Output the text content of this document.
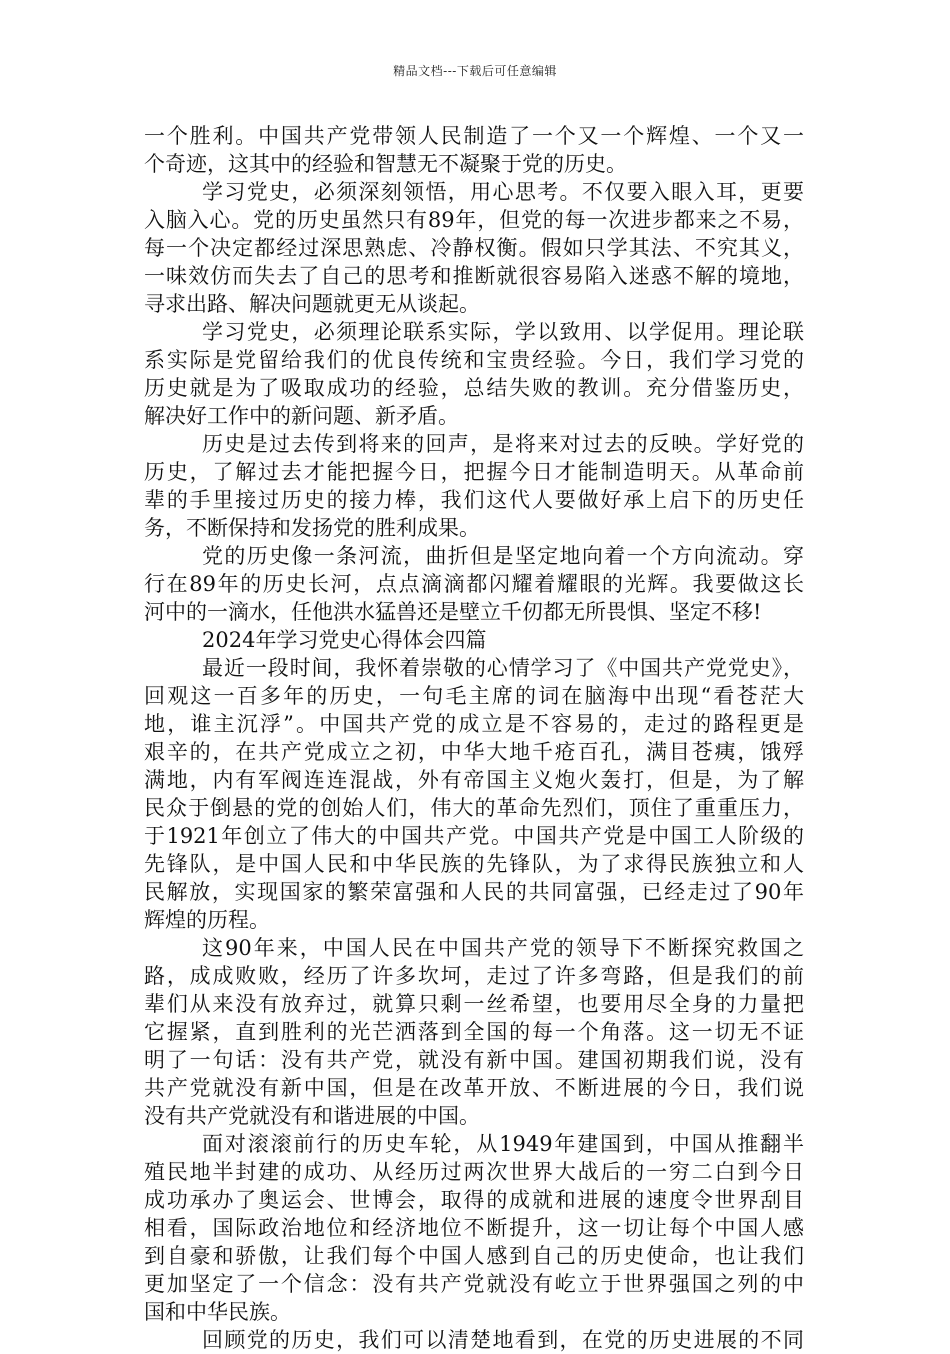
精品文档---下载后可任意编辑
一个胜利。中国共产党带领人民制造了一个又一个辉煌、一个又一
个奇迹，这其中的经验和智慧无不凝聚于党的历史。
学习党史，必须深刻领悟，用心思考。不仅要入眼入耳，更要
入脑入心。党的历史虽然只有89年，但党的每一次进步都来之不易，
每一个决定都经过深思熟虑、冷静权衡。假如只学其法、不究其义，
一味效仿而失去了自己的思考和推断就很容易陷入迷惑不解的境地，
寻求出路、解决问题就更无从谈起。
学习党史，必须理论联系实际，学以致用、以学促用。理论联
系实际是党留给我们的优良传统和宝贵经验。今日，我们学习党的
历史就是为了吸取成功的经验，总结失败的教训。充分借鉴历史，
解决好工作中的新问题、新矛盾。
历史是过去传到将来的回声，是将来对过去的反映。学好党的
历史，了解过去才能把握今日，把握今日才能制造明天。从革命前
辈的手里接过历史的接力棒，我们这代人要做好承上启下的历史任
务，不断保持和发扬党的胜利成果。
党的历史像一条河流，曲折但是坚定地向着一个方向流动。穿
行在89年的历史长河，点点滴滴都闪耀着耀眼的光辉。我要做这长
河中的一滴水，任他洪水猛兽还是壁立千仞都无所畏惧、坚定不移!
2024年学习党史心得体会四篇
最近一段时间，我怀着崇敬的心情学习了《中国共产党党史》，
回观这一百多年的历史，一句毛主席的词在脑海中出现“看苍茫大
地，谁主沉浮”。中国共产党的成立是不容易的，走过的路程更是
艰辛的，在共产党成立之初，中华大地千疮百孔，满目苍痍，饿殍
满地，内有军阀连连混战，外有帝国主义炮火轰打，但是，为了解
民众于倒悬的党的创始人们，伟大的革命先烈们，顶住了重重压力，
于1921年创立了伟大的中国共产党。中国共产党是中国工人阶级的
先锋队，是中国人民和中华民族的先锋队，为了求得民族独立和人
民解放，实现国家的繁荣富强和人民的共同富强，已经走过了90年
辉煌的历程。
这90年来，中国人民在中国共产党的领导下不断探究救国之
路，成成败败，经历了许多坎坷，走过了许多弯路，但是我们的前
辈们从来没有放弃过，就算只剩一丝希望，也要用尽全身的力量把
它握紧，直到胜利的光芒洒落到全国的每一个角落。这一切无不证
明了一句话：没有共产党，就没有新中国。建国初期我们说，没有
共产党就没有新中国，但是在改革开放、不断进展的今日，我们说
没有共产党就没有和谐进展的中国。
面对滚滚前行的历史车轮，从1949年建国到，中国从推翻半
殖民地半封建的成功、从经历过两次世界大战后的一穷二白到今日
成功承办了奥运会、世博会，取得的成就和进展的速度令世界刮目
相看，国际政治地位和经济地位不断提升，这一切让每个中国人感
到自豪和骄傲，让我们每个中国人感到自己的历史使命，也让我们
更加坚定了一个信念：没有共产党就没有屹立于世界强国之列的中
国和中华民族。
回顾党的历史，我们可以清楚地看到，在党的历史进展的不同
